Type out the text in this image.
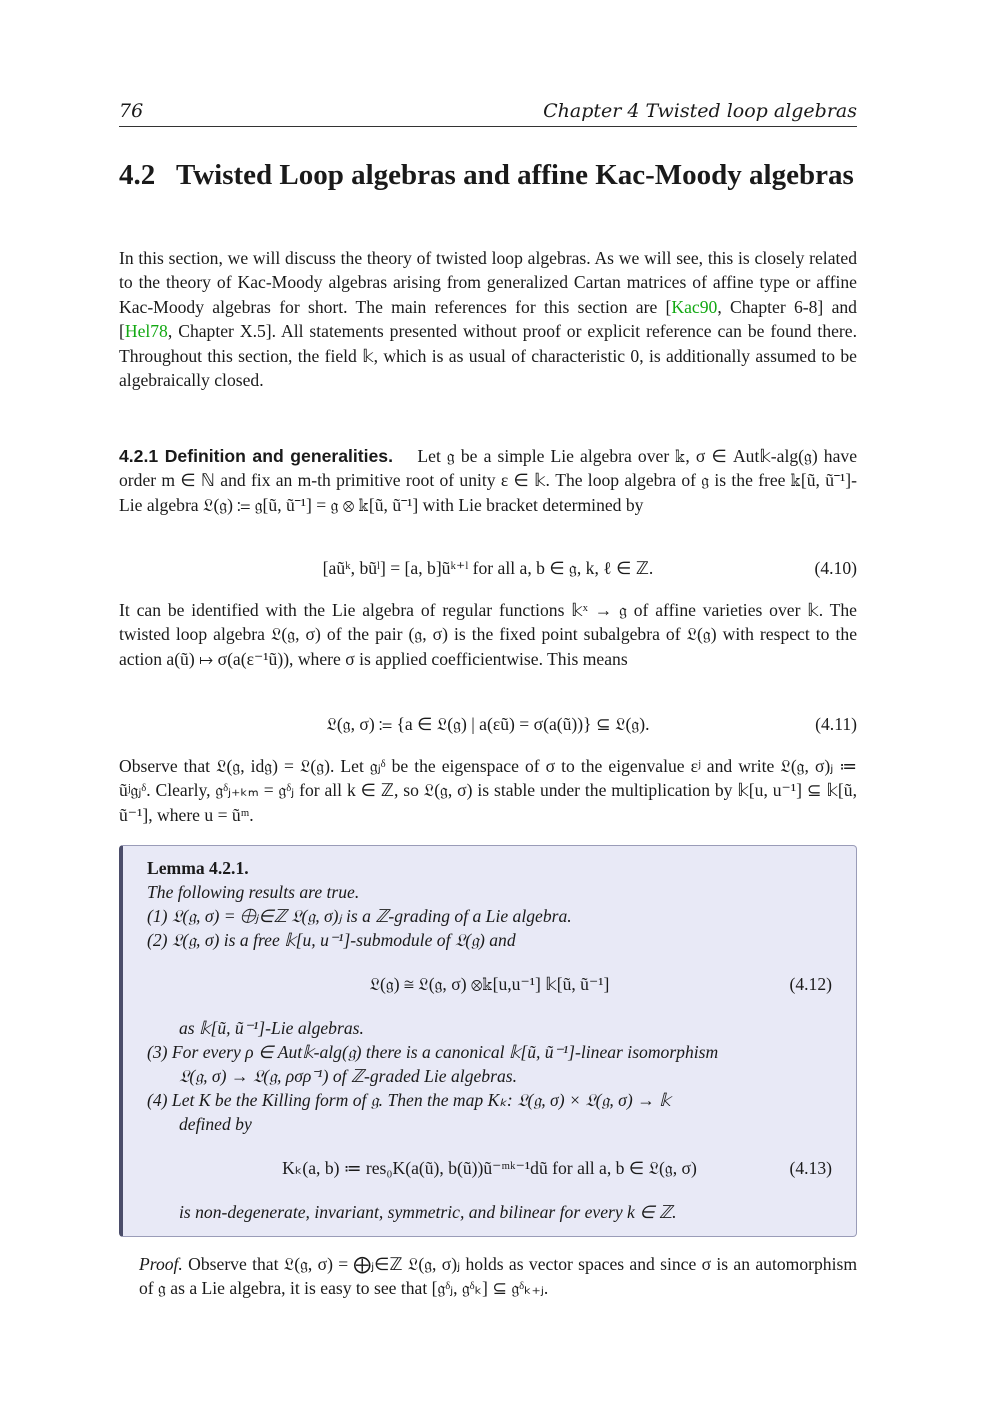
76	Chapter 4 Twisted loop algebras
4.2 Twisted Loop algebras and affine Kac-Moody algebras
In this section, we will discuss the theory of twisted loop algebras. As we will see, this is closely related to the theory of Kac-Moody algebras arising from generalized Cartan matrices of affine type or affine Kac-Moody algebras for short. The main references for this section are [Kac90, Chapter 6-8] and [Hel78, Chapter X.5]. All statements presented without proof or explicit reference can be found there. Throughout this section, the field 𝕜, which is as usual of characteristic 0, is additionally assumed to be algebraically closed.
4.2.1 Definition and generalities. Let 𝔤 be a simple Lie algebra over 𝕜, σ ∈ Aut𝕜-alg(𝔤) have order m ∈ ℕ and fix an m-th primitive root of unity ε ∈ 𝕜. The loop algebra of 𝔤 is the free 𝕜[ũ, ũ⁻¹]-Lie algebra 𝔏(𝔤) ≔ 𝔤[ũ, ũ⁻¹] = 𝔤 ⊗ 𝕜[ũ, ũ⁻¹] with Lie bracket determined by
[aũᵏ, bũˡ] = [a, b]ũᵏ⁺ˡ for all a, b ∈ 𝔤, k, ℓ ∈ ℤ.	(4.10)
It can be identified with the Lie algebra of regular functions 𝕜ˣ → 𝔤 of affine varieties over 𝕜. The twisted loop algebra 𝔏(𝔤, σ) of the pair (𝔤, σ) is the fixed point subalgebra of 𝔏(𝔤) with respect to the action a(ũ) ↦ σ(a(ε⁻¹ũ)), where σ is applied coefficientwise. This means
𝔏(𝔤, σ) ≔ {a ∈ 𝔏(𝔤) | a(εũ) = σ(a(ũ))} ⊆ 𝔏(𝔤).	(4.11)
Observe that 𝔏(𝔤, id𝔤) = 𝔏(𝔤). Let 𝔤ⱼᵟ be the eigenspace of σ to the eigenvalue εʲ and write 𝔏(𝔤, σ)ⱼ ≔ ũʲ𝔤ⱼᵟ. Clearly, 𝔤ᵟⱼ₊ₖₘ = 𝔤ᵟⱼ for all k ∈ ℤ, so 𝔏(𝔤, σ) is stable under the multiplication by 𝕜[u, u⁻¹] ⊆ 𝕜[ũ, ũ⁻¹], where u = ũᵐ.
Lemma 4.2.1.
The following results are true.
(1) 𝔏(𝔤, σ) = ⨁ⱼ∈ℤ 𝔏(𝔤, σ)ⱼ is a ℤ-grading of a Lie algebra.
(2) 𝔏(𝔤, σ) is a free 𝕜[u, u⁻¹]-submodule of 𝔏(𝔤) and
𝔏(𝔤) ≅ 𝔏(𝔤, σ) ⊗𝕜[u,u⁻¹] 𝕜[ũ, ũ⁻¹]	(4.12)
as 𝕜[ũ, ũ⁻¹]-Lie algebras.
(3) For every ρ ∈ Aut𝕜-alg(𝔤) there is a canonical 𝕜[ũ, ũ⁻¹]-linear isomorphism
𝔏(𝔤, σ) → 𝔏(𝔤, ρσρ⁻¹) of ℤ-graded Lie algebras.
(4) Let K be the Killing form of 𝔤. Then the map Kₖ: 𝔏(𝔤, σ) × 𝔏(𝔤, σ) → 𝕜
defined by
Kₖ(a, b) ≔ res₀K(a(ũ), b(ũ))ũ⁻ᵐᵏ⁻¹dũ for all a, b ∈ 𝔏(𝔤, σ)	(4.13)
is non-degenerate, invariant, symmetric, and bilinear for every k ∈ ℤ.
Proof. Observe that 𝔏(𝔤, σ) = ⨁ⱼ∈ℤ 𝔏(𝔤, σ)ⱼ holds as vector spaces and since σ is an automorphism of 𝔤 as a Lie algebra, it is easy to see that [𝔤ᵟⱼ, 𝔤ᵟₖ] ⊆ 𝔤ᵟₖ₊ⱼ.
